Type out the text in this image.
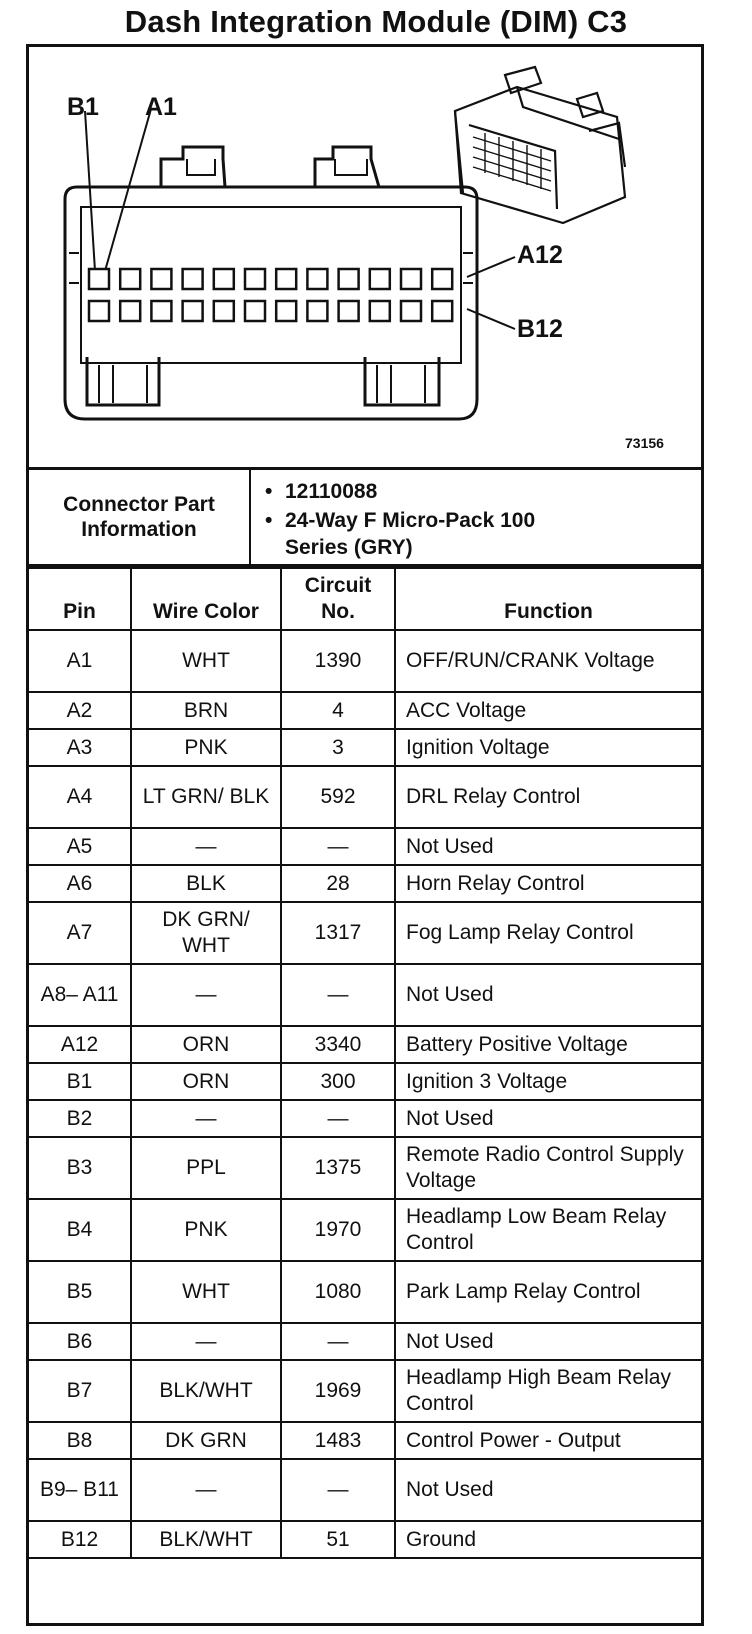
Dash Integration Module (DIM) C3
B1 A1
A12
B12
73156
Connector Part Information
• 12110088
• 24-Way F Micro-Pack 100 Series (GRY)
Pin	Wire Color	Circuit No.	Function
A1	WHT	1390	OFF/RUN/CRANK Voltage
A2	BRN	4	ACC Voltage
A3	PNK	3	Ignition Voltage
A4	LT GRN/ BLK	592	DRL Relay Control
A5	—	—	Not Used
A6	BLK	28	Horn Relay Control
A7	DK GRN/ WHT	1317	Fog Lamp Relay Control
A8– A11	—	—	Not Used
A12	ORN	3340	Battery Positive Voltage
B1	ORN	300	Ignition 3 Voltage
B2	—	—	Not Used
B3	PPL	1375	Remote Radio Control Supply Voltage
B4	PNK	1970	Headlamp Low Beam Relay Control
B5	WHT	1080	Park Lamp Relay Control
B6	—	—	Not Used
B7	BLK/WHT	1969	Headlamp High Beam Relay Control
B8	DK GRN	1483	Control Power - Output
B9– B11	—	—	Not Used
B12	BLK/WHT	51	Ground
